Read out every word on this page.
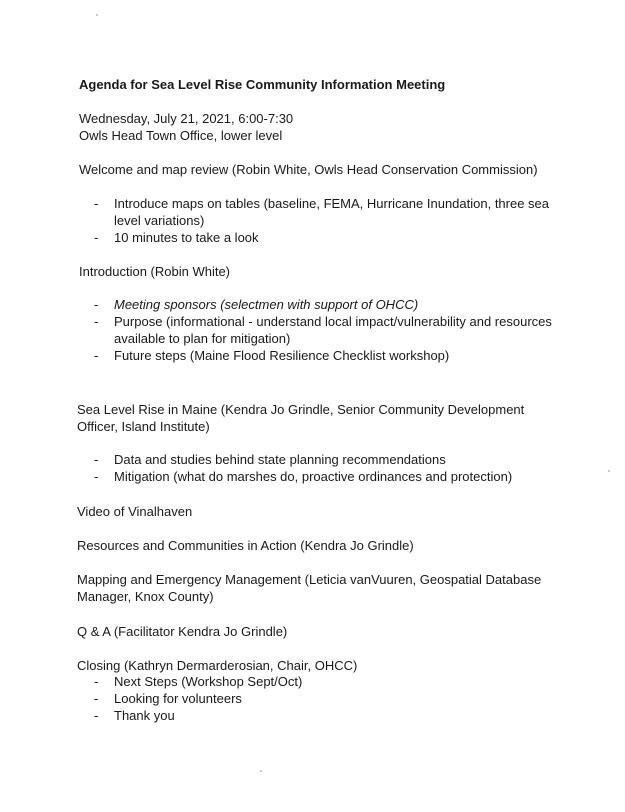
Agenda for Sea Level Rise Community Information Meeting
Wednesday, July 21, 2021, 6:00-7:30
Owls Head Town Office, lower level
Welcome and map review (Robin White, Owls Head Conservation Commission)
- Introduce maps on tables (baseline, FEMA, Hurricane Inundation, three sea level variations)
- 10 minutes to take a look
Introduction (Robin White)
- Meeting sponsors (selectmen with support of OHCC)
- Purpose (informational - understand local impact/vulnerability and resources available to plan for mitigation)
- Future steps (Maine Flood Resilience Checklist workshop)
Sea Level Rise in Maine (Kendra Jo Grindle, Senior Community Development Officer, Island Institute)
- Data and studies behind state planning recommendations
- Mitigation (what do marshes do, proactive ordinances and protection)
Video of Vinalhaven
Resources and Communities in Action (Kendra Jo Grindle)
Mapping and Emergency Management (Leticia vanVuuren, Geospatial Database Manager, Knox County)
Q & A (Facilitator Kendra Jo Grindle)
Closing (Kathryn Dermarderosian, Chair, OHCC)
- Next Steps (Workshop Sept/Oct)
- Looking for volunteers
- Thank you
